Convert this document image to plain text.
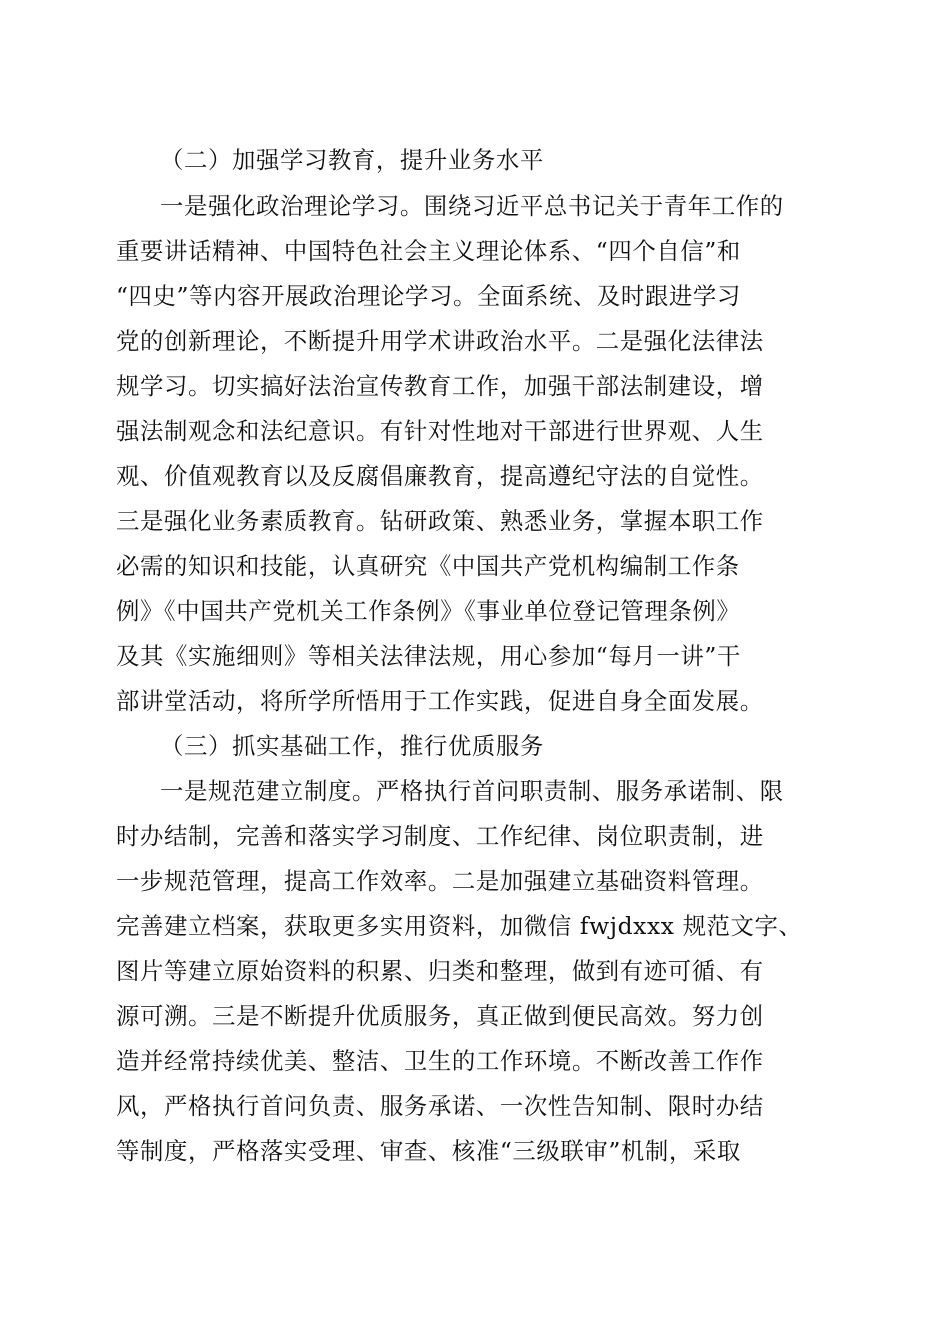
（二）加强学习教育，提升业务水平
一是强化政治理论学习。围绕习近平总书记关于青年工作的
重要讲话精神、中国特色社会主义理论体系、“四个自信”和
“四史”等内容开展政治理论学习。全面系统、及时跟进学习
党的创新理论，不断提升用学术讲政治水平。二是强化法律法
规学习。切实搞好法治宣传教育工作，加强干部法制建设，增
强法制观念和法纪意识。有针对性地对干部进行世界观、人生
观、价值观教育以及反腐倡廉教育，提高遵纪守法的自觉性。
三是强化业务素质教育。钻研政策、熟悉业务，掌握本职工作
必需的知识和技能，认真研究《中国共产党机构编制工作条
例》《中国共产党机关工作条例》《事业单位登记管理条例》
及其《实施细则》等相关法律法规，用心参加“每月一讲”干
部讲堂活动，将所学所悟用于工作实践，促进自身全面发展。
（三）抓实基础工作，推行优质服务
一是规范建立制度。严格执行首问职责制、服务承诺制、限
时办结制，完善和落实学习制度、工作纪律、岗位职责制，进
一步规范管理，提高工作效率。二是加强建立基础资料管理。
完善建立档案，获取更多实用资料，加微信 fwjdxxx 规范文字、
图片等建立原始资料的积累、归类和整理，做到有迹可循、有
源可溯。三是不断提升优质服务，真正做到便民高效。努力创
造并经常持续优美、整洁、卫生的工作环境。不断改善工作作
风，严格执行首问负责、服务承诺、一次性告知制、限时办结
等制度，严格落实受理、审查、核准“三级联审”机制，采取
